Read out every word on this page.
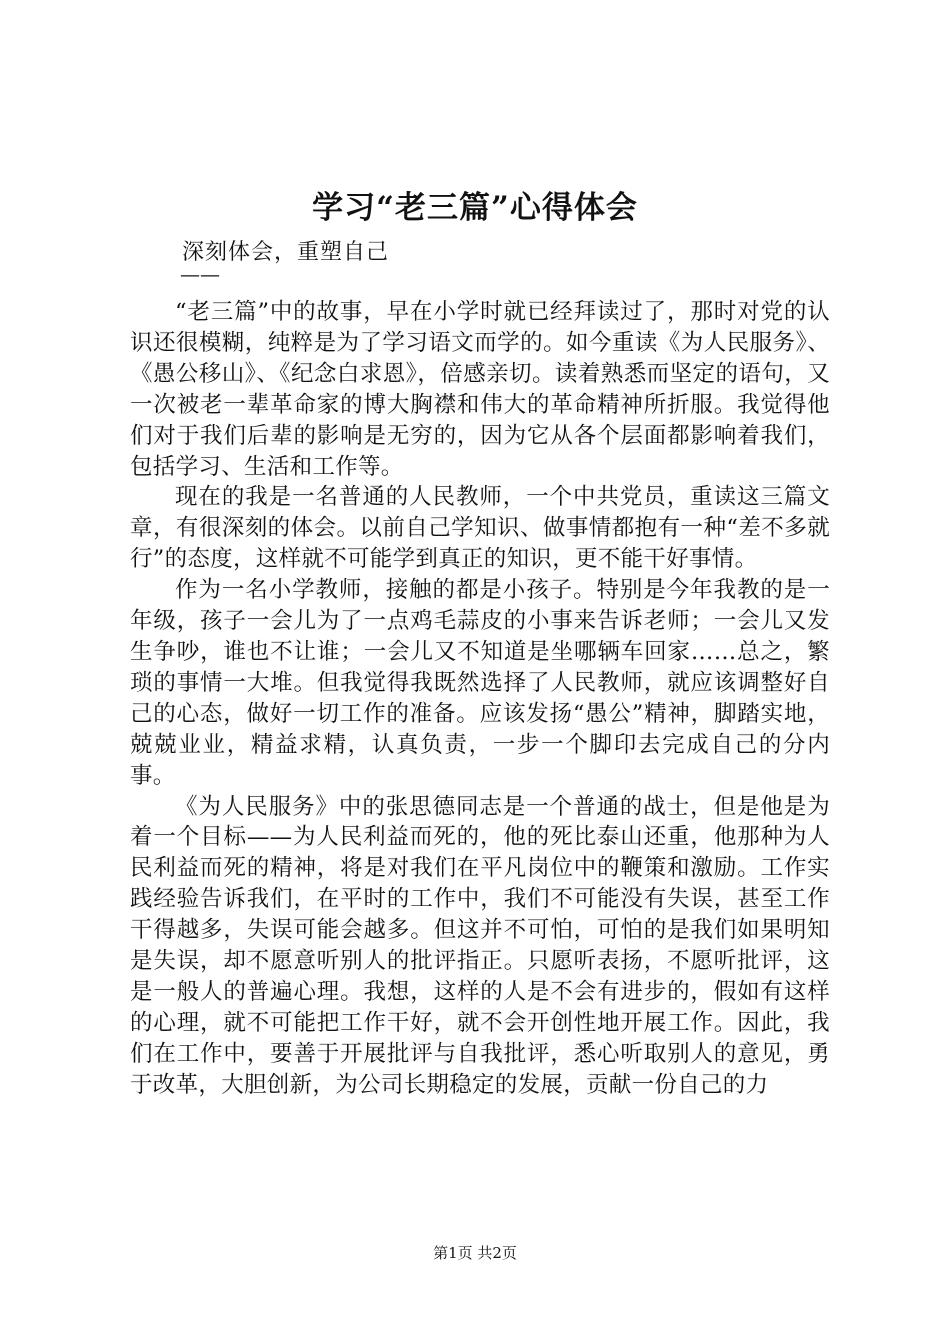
学习“老三篇”心得体会

深刻体会，重塑自己

——

“老三篇”中的故事，早在小学时就已经拜读过了，那时对党的认识还很模糊，纯粹是为了学习语文而学的。如今重读《为人民服务》、《愚公移山》、《纪念白求恩》，倍感亲切。读着熟悉而坚定的语句，又一次被老一辈革命家的博大胸襟和伟大的革命精神所折服。我觉得他们对于我们后辈的影响是无穷的，因为它从各个层面都影响着我们，包括学习、生活和工作等。

现在的我是一名普通的人民教师，一个中共党员，重读这三篇文章，有很深刻的体会。以前自己学知识、做事情都抱有一种“差不多就行”的态度，这样就不可能学到真正的知识，更不能干好事情。

作为一名小学教师，接触的都是小孩子。特别是今年我教的是一年级，孩子一会儿为了一点鸡毛蒜皮的小事来告诉老师；一会儿又发生争吵，谁也不让谁；一会儿又不知道是坐哪辆车回家……总之，繁琐的事情一大堆。但我觉得我既然选择了人民教师，就应该调整好自己的心态，做好一切工作的准备。应该发扬“愚公”精神，脚踏实地，兢兢业业，精益求精，认真负责，一步一个脚印去完成自己的分内事。

《为人民服务》中的张思德同志是一个普通的战士，但是他是为着一个目标——为人民利益而死的，他的死比泰山还重，他那种为人民利益而死的精神，将是对我们在平凡岗位中的鞭策和激励。工作实践经验告诉我们，在平时的工作中，我们不可能没有失误，甚至工作干得越多，失误可能会越多。但这并不可怕，可怕的是我们如果明知是失误，却不愿意听别人的批评指正。只愿听表扬，不愿听批评，这是一般人的普遍心理。我想，这样的人是不会有进步的，假如有这样的心理，就不可能把工作干好，就不会开创性地开展工作。因此，我们在工作中，要善于开展批评与自我批评，悉心听取别人的意见，勇于改革，大胆创新，为公司长期稳定的发展，贡献一份自己的力

第1页 共2页
